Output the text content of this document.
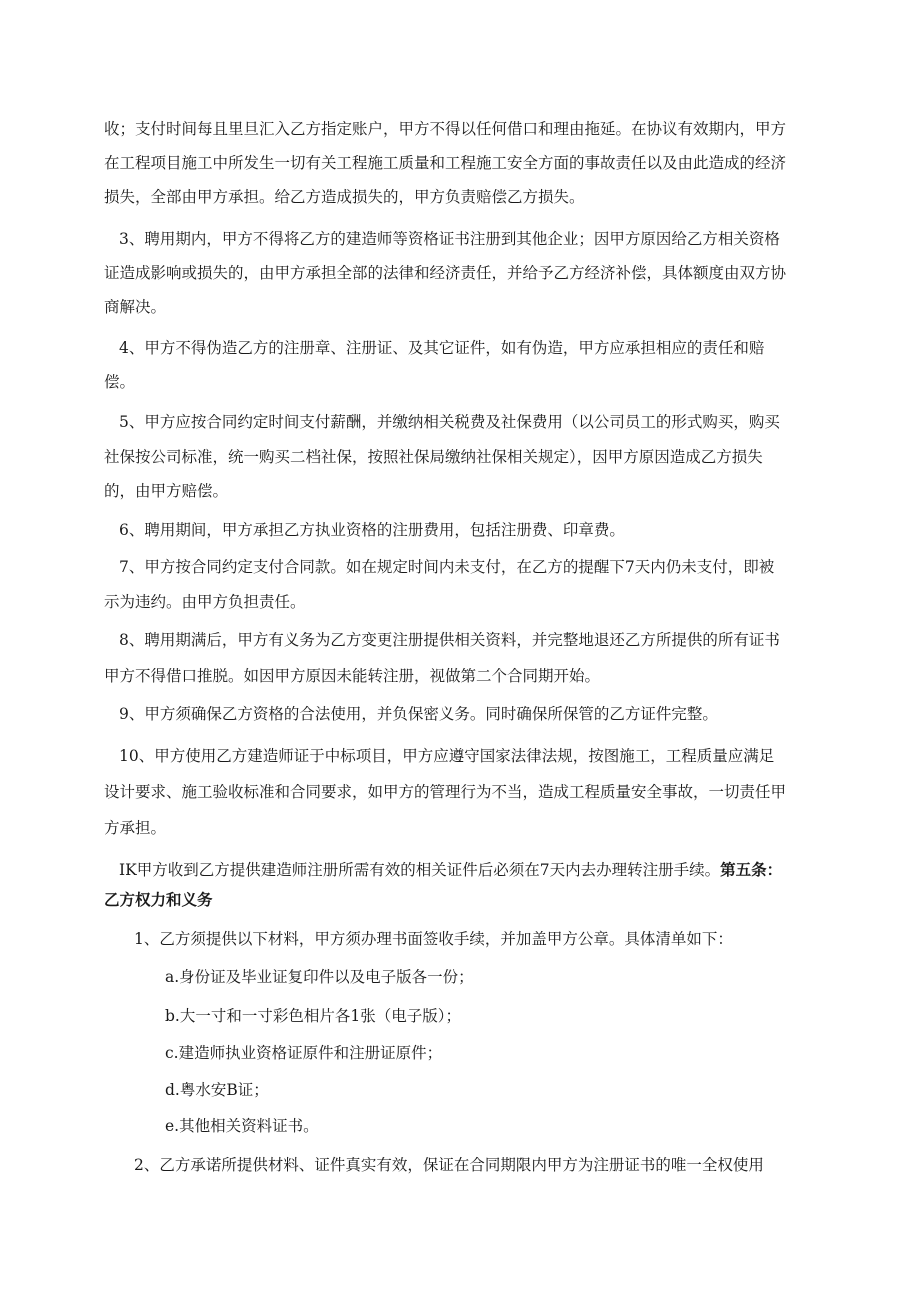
收；支付时间每且里旦汇入乙方指定账户，甲方不得以任何借口和理由拖延。在协议有效期内，甲方
在工程项目施工中所发生一切有关工程施工质量和工程施工安全方面的事故责任以及由此造成的经济
损失，全部由甲方承担。给乙方造成损失的，甲方负责赔偿乙方损失。
3、聘用期内，甲方不得将乙方的建造师等资格证书注册到其他企业；因甲方原因给乙方相关资格
证造成影响或损失的，由甲方承担全部的法律和经济责任，并给予乙方经济补偿，具体额度由双方协
商解决。
4、甲方不得伪造乙方的注册章、注册证、及其它证件，如有伪造，甲方应承担相应的责任和赔
偿。
5、甲方应按合同约定时间支付薪酬，并缴纳相关税费及社保费用（以公司员工的形式购买，购买
社保按公司标准，统一购买二档社保，按照社保局缴纳社保相关规定），因甲方原因造成乙方损失
的，由甲方赔偿。
6、聘用期间，甲方承担乙方执业资格的注册费用，包括注册费、印章费。
7、甲方按合同约定支付合同款。如在规定时间内未支付，在乙方的提醒下7天内仍未支付，即被
示为违约。由甲方负担责任。
8、聘用期满后，甲方有义务为乙方变更注册提供相关资料，并完整地退还乙方所提供的所有证书
甲方不得借口推脱。如因甲方原因未能转注册，视做第二个合同期开始。
9、甲方须确保乙方资格的合法使用，并负保密义务。同时确保所保管的乙方证件完整。
10、甲方使用乙方建造师证于中标项目，甲方应遵守国家法律法规，按图施工，工程质量应满足
设计要求、施工验收标准和合同要求，如甲方的管理行为不当，造成工程质量安全事故，一切责任甲
方承担。
IK甲方收到乙方提供建造师注册所需有效的相关证件后必须在7天内去办理转注册手续。第五条：
乙方权力和义务
1、乙方须提供以下材料，甲方须办理书面签收手续，并加盖甲方公章。具体清单如下：
a.身份证及毕业证复印件以及电子版各一份；
b.大一寸和一寸彩色相片各1张（电子版）；
c.建造师执业资格证原件和注册证原件；
d.粤水安B证；
e.其他相关资料证书。
2、乙方承诺所提供材料、证件真实有效，保证在合同期限内甲方为注册证书的唯一全权使用
